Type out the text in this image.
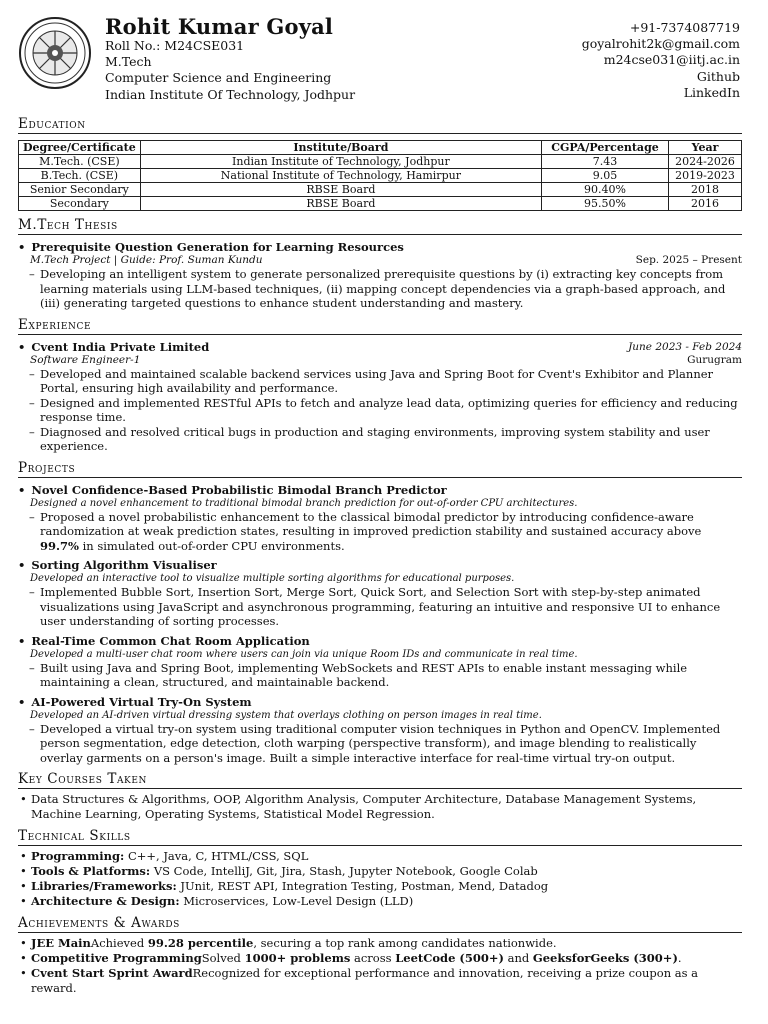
Rohit Kumar Goyal
Roll No.: M24CSE031
M.Tech
Computer Science and Engineering
Indian Institute Of Technology, Jodhpur
+91-7374087719
goyalrohit2k@gmail.com
m24cse031@iitj.ac.in
Github
LinkedIn
Education
Degree/Certificate	Institute/Board	CGPA/Percentage	Year
M.Tech. (CSE)	Indian Institute of Technology, Jodhpur	7.43	2024-2026
B.Tech. (CSE)	National Institute of Technology, Hamirpur	9.05	2019-2023
Senior Secondary	RBSE Board	90.40%	2018
Secondary	RBSE Board	95.50%	2016
M.Tech Thesis
• Prerequisite Question Generation for Learning Resources
M.Tech Project | Guide: Prof. Suman Kundu	Sep. 2025 – Present
– Developing an intelligent system to generate personalized prerequisite questions by (i) extracting key concepts from learning materials using LLM-based techniques, (ii) mapping concept dependencies via a graph-based approach, and (iii) generating targeted questions to enhance student understanding and mastery.
Experience
• Cvent India Private Limited	June 2023 - Feb 2024
Software Engineer-1	Gurugram
– Developed and maintained scalable backend services using Java and Spring Boot for Cvent's Exhibitor and Planner Portal, ensuring high availability and performance.
– Designed and implemented RESTful APIs to fetch and analyze lead data, optimizing queries for efficiency and reducing response time.
– Diagnosed and resolved critical bugs in production and staging environments, improving system stability and user experience.
Projects
• Novel Confidence-Based Probabilistic Bimodal Branch Predictor
Designed a novel enhancement to traditional bimodal branch prediction for out-of-order CPU architectures.
– Proposed a novel probabilistic enhancement to the classical bimodal predictor by introducing confidence-aware randomization at weak prediction states, resulting in improved prediction stability and sustained accuracy above 99.7% in simulated out-of-order CPU environments.
• Sorting Algorithm Visualiser
Developed an interactive tool to visualize multiple sorting algorithms for educational purposes.
– Implemented Bubble Sort, Insertion Sort, Merge Sort, Quick Sort, and Selection Sort with step-by-step animated visualizations using JavaScript and asynchronous programming, featuring an intuitive and responsive UI to enhance user understanding of sorting processes.
• Real-Time Common Chat Room Application
Developed a multi-user chat room where users can join via unique Room IDs and communicate in real time.
– Built using Java and Spring Boot, implementing WebSockets and REST APIs to enable instant messaging while maintaining a clean, structured, and maintainable backend.
• AI-Powered Virtual Try-On System
Developed an AI-driven virtual dressing system that overlays clothing on person images in real time.
– Developed a virtual try-on system using traditional computer vision techniques in Python and OpenCV. Implemented person segmentation, edge detection, cloth warping (perspective transform), and image blending to realistically overlay garments on a person's image. Built a simple interactive interface for real-time virtual try-on output.
Key Courses Taken
• Data Structures & Algorithms, OOP, Algorithm Analysis, Computer Architecture, Database Management Systems, Machine Learning, Operating Systems, Statistical Model Regression.
Technical Skills
• Programming: C++, Java, C, HTML/CSS, SQL
• Tools & Platforms: VS Code, IntelliJ, Git, Jira, Stash, Jupyter Notebook, Google Colab
• Libraries/Frameworks: JUnit, REST API, Integration Testing, Postman, Mend, Datadog
• Architecture & Design: Microservices, Low-Level Design (LLD)
Achievements & Awards
• JEE MainAchieved 99.28 percentile, securing a top rank among candidates nationwide.
• Competitive ProgrammingSolved 1000+ problems across LeetCode (500+) and GeeksforGeeks (300+).
• Cvent Start Sprint AwardRecognized for exceptional performance and innovation, receiving a prize coupon as a reward.
